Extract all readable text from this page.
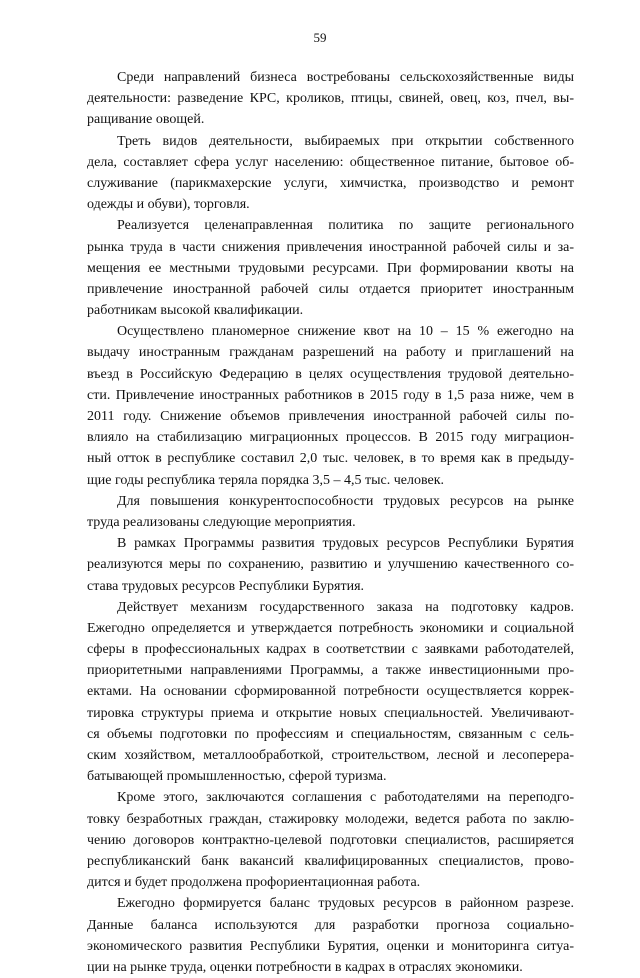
59
Среди направлений бизнеса востребованы сельскохозяйственные виды
деятельности: разведение КРС, кроликов, птицы, свиней, овец, коз, пчел, вы-
ращивание овощей.
Треть видов деятельности, выбираемых при открытии собственного
дела, составляет сфера услуг населению: общественное питание, бытовое об-
служивание (парикмахерские услуги, химчистка, производство и ремонт
одежды и обуви), торговля.
Реализуется целенаправленная политика по защите регионального
рынка труда в части снижения привлечения иностранной рабочей силы и за-
мещения ее местными трудовыми ресурсами. При формировании квоты на
привлечение иностранной рабочей силы отдается приоритет иностранным
работникам высокой квалификации.
Осуществлено планомерное снижение квот на 10 – 15 % ежегодно на
выдачу иностранным гражданам разрешений на работу и приглашений на
въезд в Российскую Федерацию в целях осуществления трудовой деятельно-
сти. Привлечение иностранных работников в 2015 году в 1,5 раза ниже, чем в
2011 году. Снижение объемов привлечения иностранной рабочей силы по-
влияло на стабилизацию миграционных процессов. В 2015 году миграцион-
ный отток в республике составил 2,0 тыс. человек, в то время как в предыду-
щие годы республика теряла порядка 3,5 – 4,5 тыс. человек.
Для повышения конкурентоспособности трудовых ресурсов на рынке
труда реализованы следующие мероприятия.
В рамках Программы развития трудовых ресурсов Республики Бурятия
реализуются меры по сохранению, развитию и улучшению качественного со-
става трудовых ресурсов Республики Бурятия.
Действует механизм государственного заказа на подготовку кадров.
Ежегодно определяется и утверждается потребность экономики и социальной
сферы в профессиональных кадрах в соответствии с заявками работодателей,
приоритетными направлениями Программы, а также инвестиционными про-
ектами. На основании сформированной потребности осуществляется коррек-
тировка структуры приема и открытие новых специальностей. Увеличивают-
ся объемы подготовки по профессиям и специальностям, связанным с сель-
ским хозяйством, металлообработкой, строительством, лесной и лесоперера-
батывающей промышленностью, сферой туризма.
Кроме этого, заключаются соглашения с работодателями на переподго-
товку безработных граждан, стажировку молодежи, ведется работа по заклю-
чению договоров контрактно-целевой подготовки специалистов, расширяется
республиканский банк вакансий квалифицированных специалистов, прово-
дится и будет продолжена профориентационная работа.
Ежегодно формируется баланс трудовых ресурсов в районном разрезе.
Данные баланса используются для разработки прогноза социально-
экономического развития Республики Бурятия, оценки и мониторинга ситуа-
ции на рынке труда, оценки потребности в кадрах в отраслях экономики.
